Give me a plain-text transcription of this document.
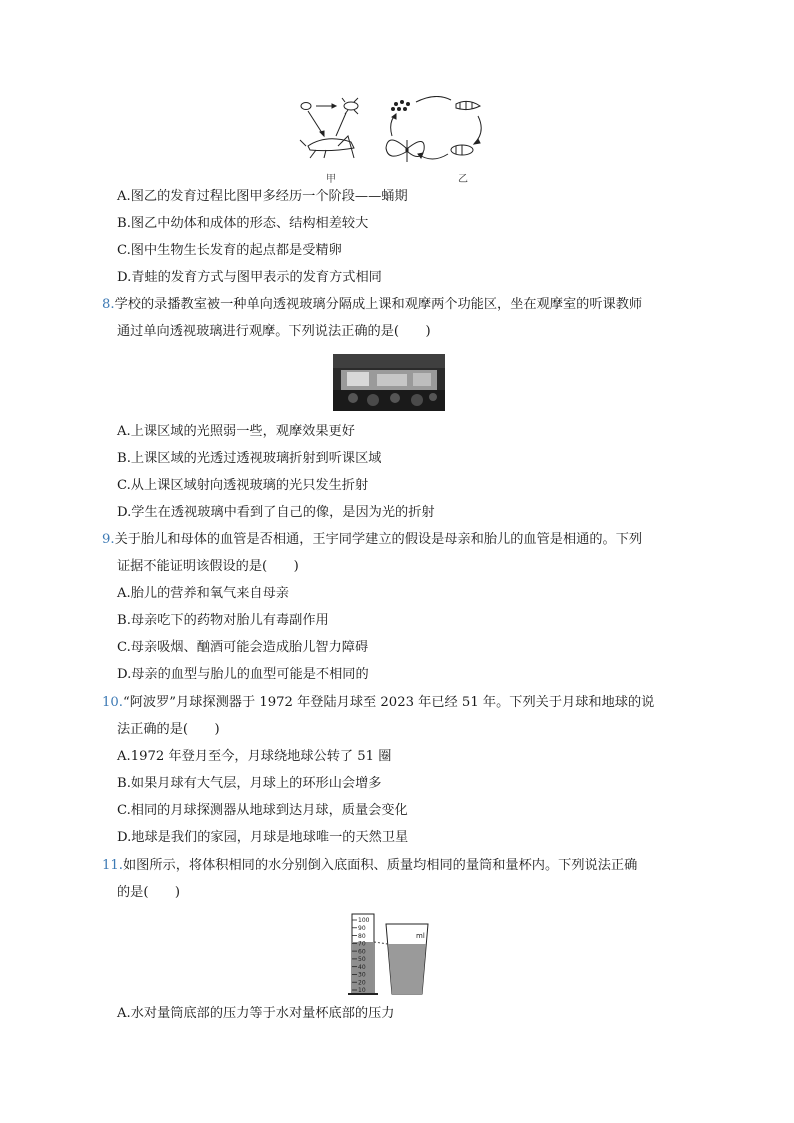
甲	乙
A.图乙的发育过程比图甲多经历一个阶段——蛹期
B.图乙中幼体和成体的形态、结构相差较大
C.图中生物生长发育的起点都是受精卵
D.青蛙的发育方式与图甲表示的发育方式相同
8.学校的录播教室被一种单向透视玻璃分隔成上课和观摩两个功能区，坐在观摩室的听课教师
通过单向透视玻璃进行观摩。下列说法正确的是(　　)
A.上课区域的光照弱一些，观摩效果更好
B.上课区域的光透过透视玻璃折射到听课区域
C.从上课区域射向透视玻璃的光只发生折射
D.学生在透视玻璃中看到了自己的像，是因为光的折射
9.关于胎儿和母体的血管是否相通，王宇同学建立的假设是母亲和胎儿的血管是相通的。下列
证据不能证明该假设的是(　　)
A.胎儿的营养和氧气来自母亲
B.母亲吃下的药物对胎儿有毒副作用
C.母亲吸烟、酗酒可能会造成胎儿智力障碍
D.母亲的血型与胎儿的血型可能是不相同的
10.“阿波罗”月球探测器于 1972 年登陆月球至 2023 年已经 51 年。下列关于月球和地球的说
法正确的是(　　)
A.1972 年登月至今，月球绕地球公转了 51 圈
B.如果月球有大气层，月球上的环形山会增多
C.相同的月球探测器从地球到达月球，质量会变化
D.地球是我们的家园，月球是地球唯一的天然卫星
11.如图所示，将体积相同的水分别倒入底面积、质量均相同的量筒和量杯内。下列说法正确
的是(　　)
100
90
80
70
60
50
40
30
20
10
ml
A.水对量筒底部的压力等于水对量杯底部的压力
